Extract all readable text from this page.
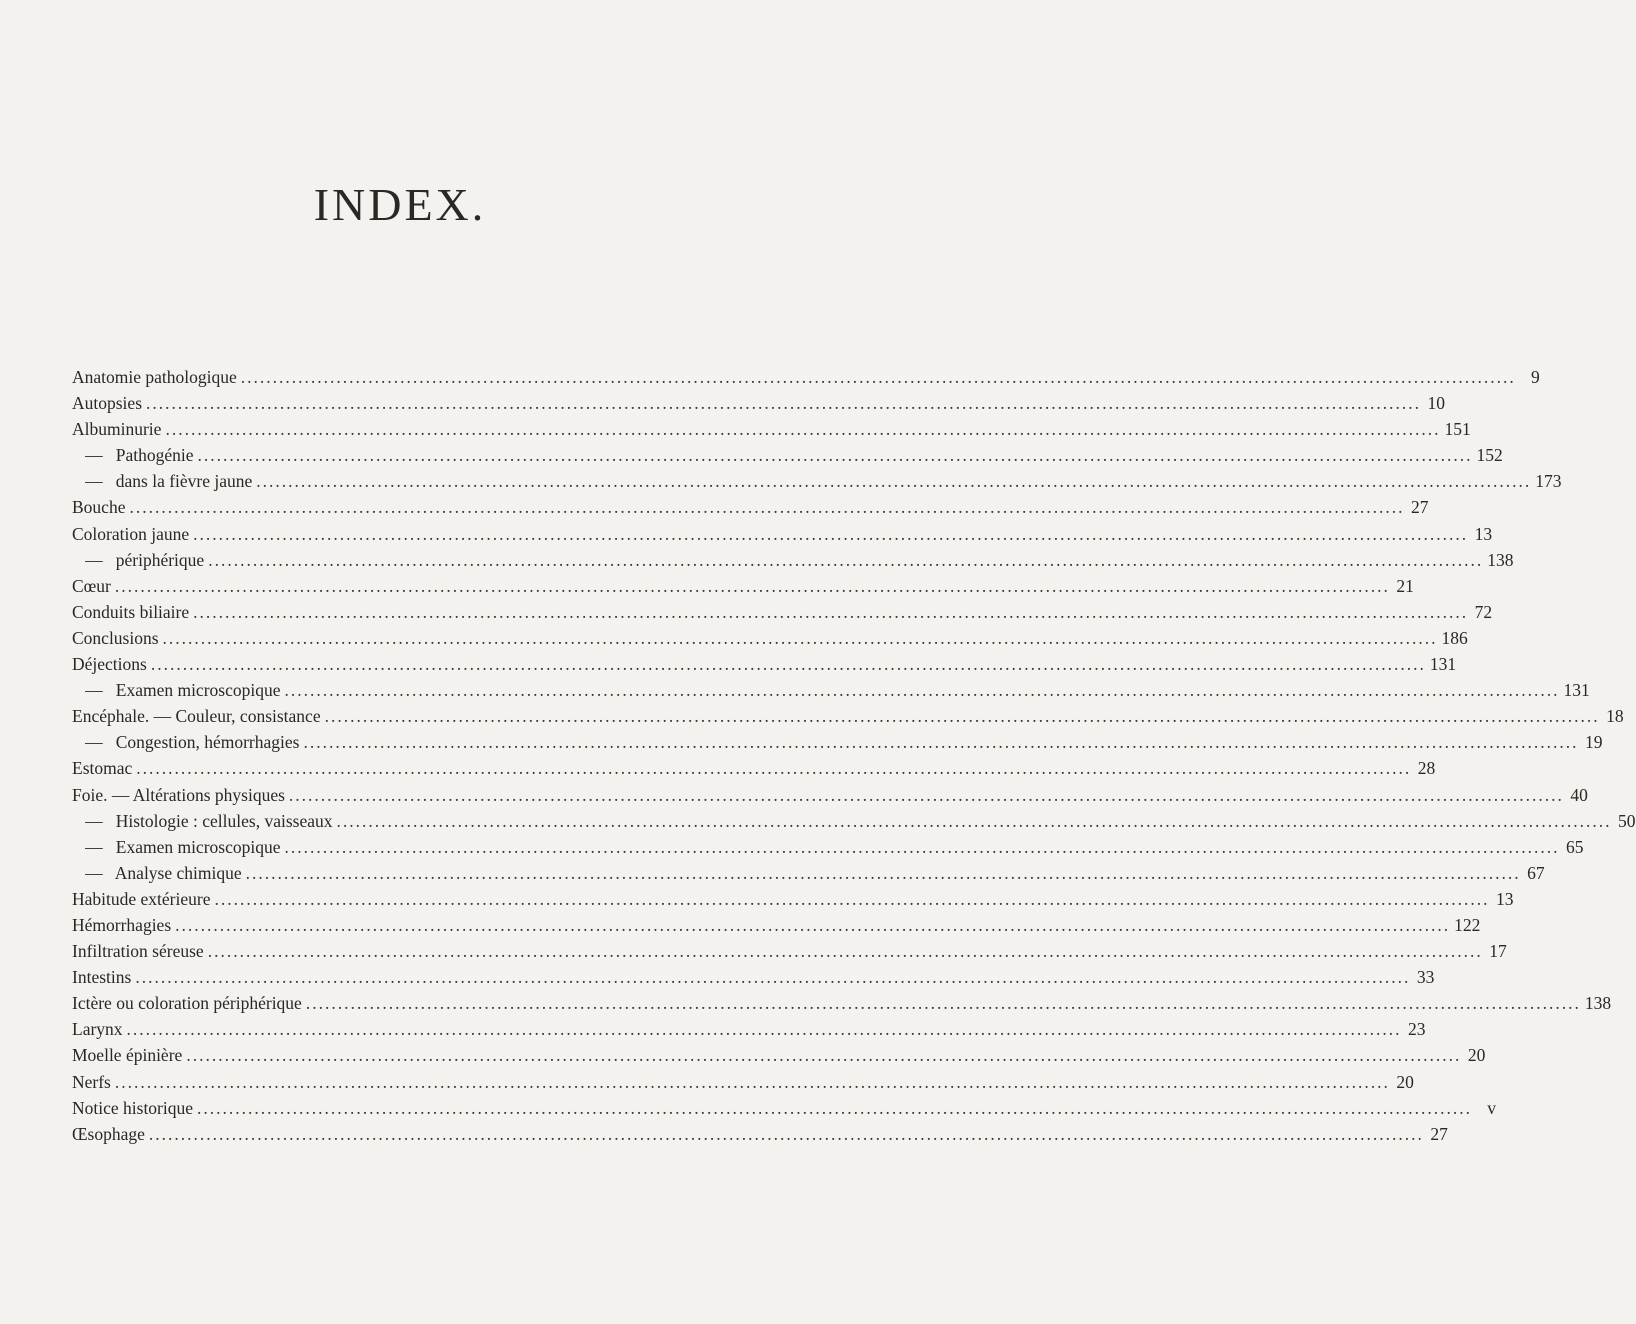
INDEX.
Anatomie pathologique ........................................................................................................................................................................................................ 9
Autopsies ........................................................................................................................................................................................................ 10
Albuminurie ........................................................................................................................................................................................................ 151
—   Pathogénie ........................................................................................................................................................................................................ 152
—   dans la fièvre jaune ........................................................................................................................................................................................................ 173
Bouche ........................................................................................................................................................................................................ 27
Coloration jaune ........................................................................................................................................................................................................ 13
—   périphérique ........................................................................................................................................................................................................ 138
Cœur ........................................................................................................................................................................................................ 21
Conduits biliaire ........................................................................................................................................................................................................ 72
Conclusions ........................................................................................................................................................................................................ 186
Déjections ........................................................................................................................................................................................................ 131
—   Examen microscopique ........................................................................................................................................................................................................ 131
Encéphale. — Couleur, consistance ........................................................................................................................................................................................................ 18
—   Congestion, hémorrhagies ........................................................................................................................................................................................................ 19
Estomac ........................................................................................................................................................................................................ 28
Foie. — Altérations physiques ........................................................................................................................................................................................................ 40
—   Histologie : cellules, vaisseaux ........................................................................................................................................................................................................ 50
—   Examen microscopique ........................................................................................................................................................................................................ 65
—   Analyse chimique ........................................................................................................................................................................................................ 67
Habitude extérieure ........................................................................................................................................................................................................ 13
Hémorrhagies ........................................................................................................................................................................................................ 122
Infiltration séreuse ........................................................................................................................................................................................................ 17
Intestins ........................................................................................................................................................................................................ 33
Ictère ou coloration périphérique ........................................................................................................................................................................................................ 138
Larynx ........................................................................................................................................................................................................ 23
Moelle épinière ........................................................................................................................................................................................................ 20
Nerfs ........................................................................................................................................................................................................ 20
Notice historique ........................................................................................................................................................................................................ v
Œsophage ........................................................................................................................................................................................................ 27
